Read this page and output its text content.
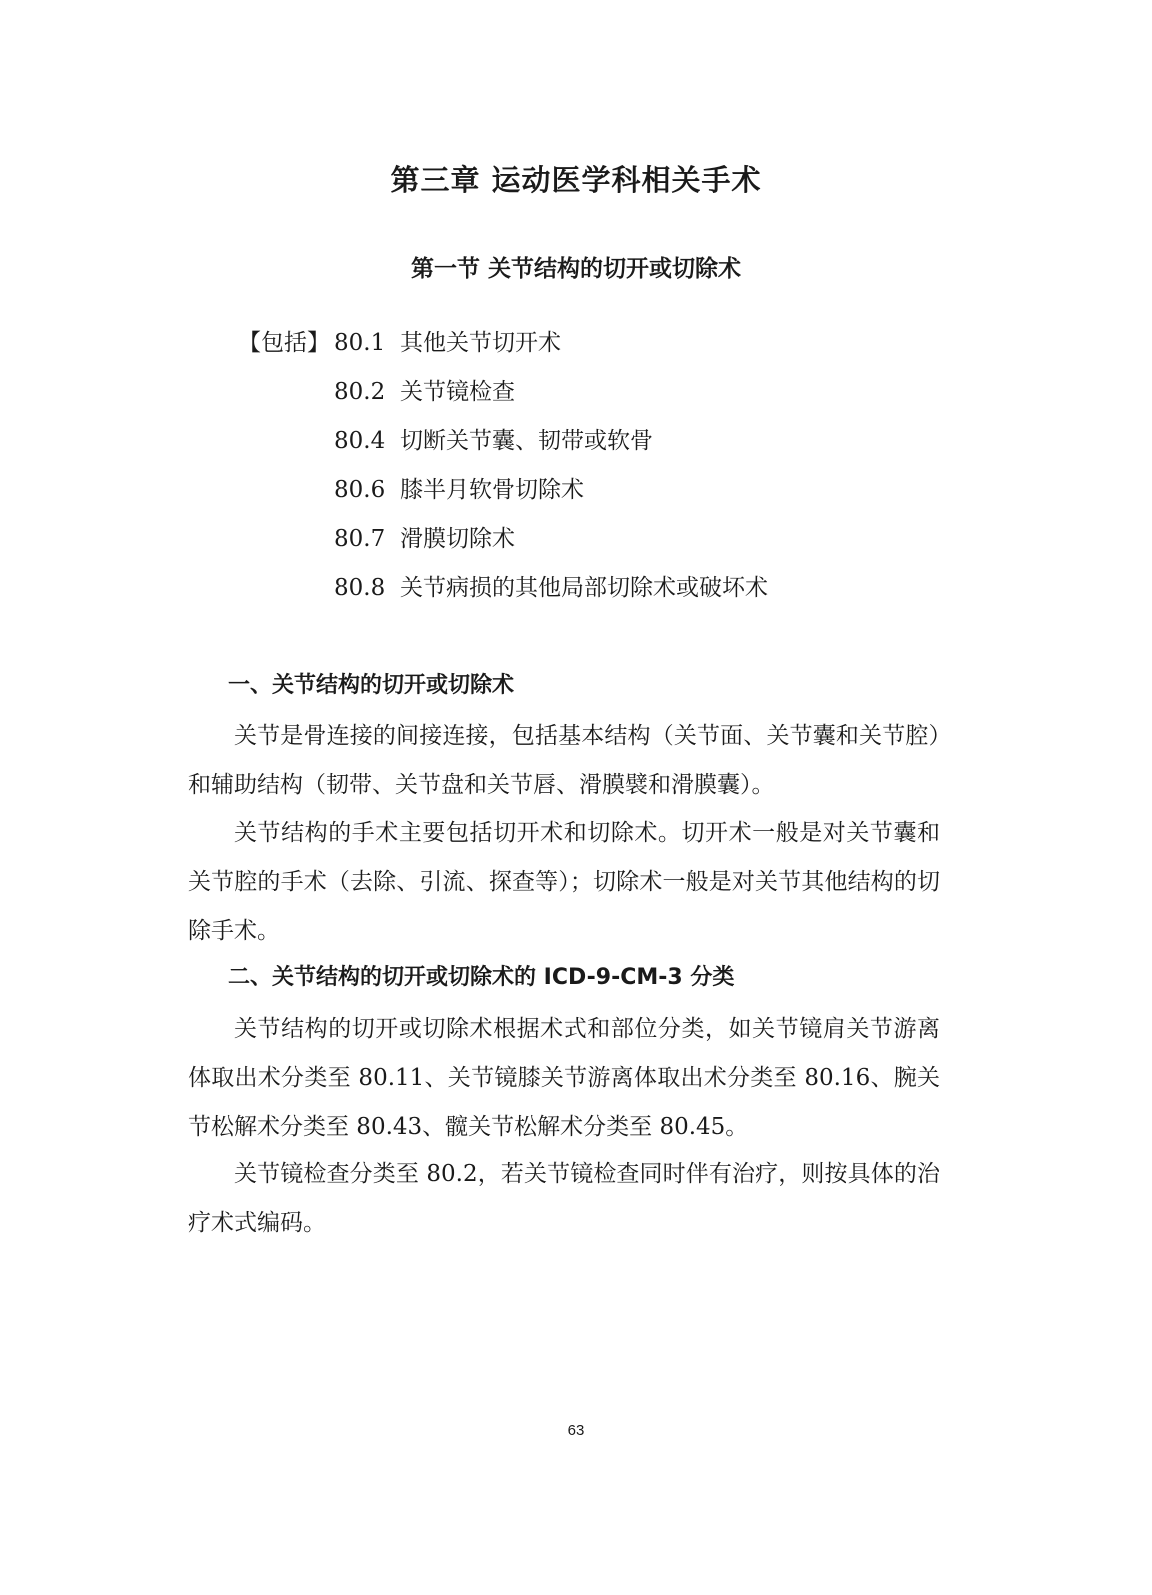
第三章 运动医学科相关手术
第一节 关节结构的切开或切除术
【包括】 80.1 其他关节切开术
80.2 关节镜检查
80.4 切断关节囊、韧带或软骨
80.6 膝半月软骨切除术
80.7 滑膜切除术
80.8 关节病损的其他局部切除术或破坏术
一、关节结构的切开或切除术

关节是骨连接的间接连接，包括基本结构（关节面、关节囊和关节腔）和辅助结构（韧带、关节盘和关节唇、滑膜襞和滑膜囊）。

关节结构的手术主要包括切开术和切除术。切开术一般是对关节囊和关节腔的手术（去除、引流、探查等）；切除术一般是对关节其他结构的切除手术。

二、关节结构的切开或切除术的 ICD-9-CM-3 分类

关节结构的切开或切除术根据术式和部位分类，如关节镜肩关节游离体取出术分类至 80.11、关节镜膝关节游离体取出术分类至 80.16、腕关节松解术分类至 80.43、髋关节松解术分类至 80.45。

关节镜检查分类至 80.2，若关节镜检查同时伴有治疗，则按具体的治疗术式编码。

63
